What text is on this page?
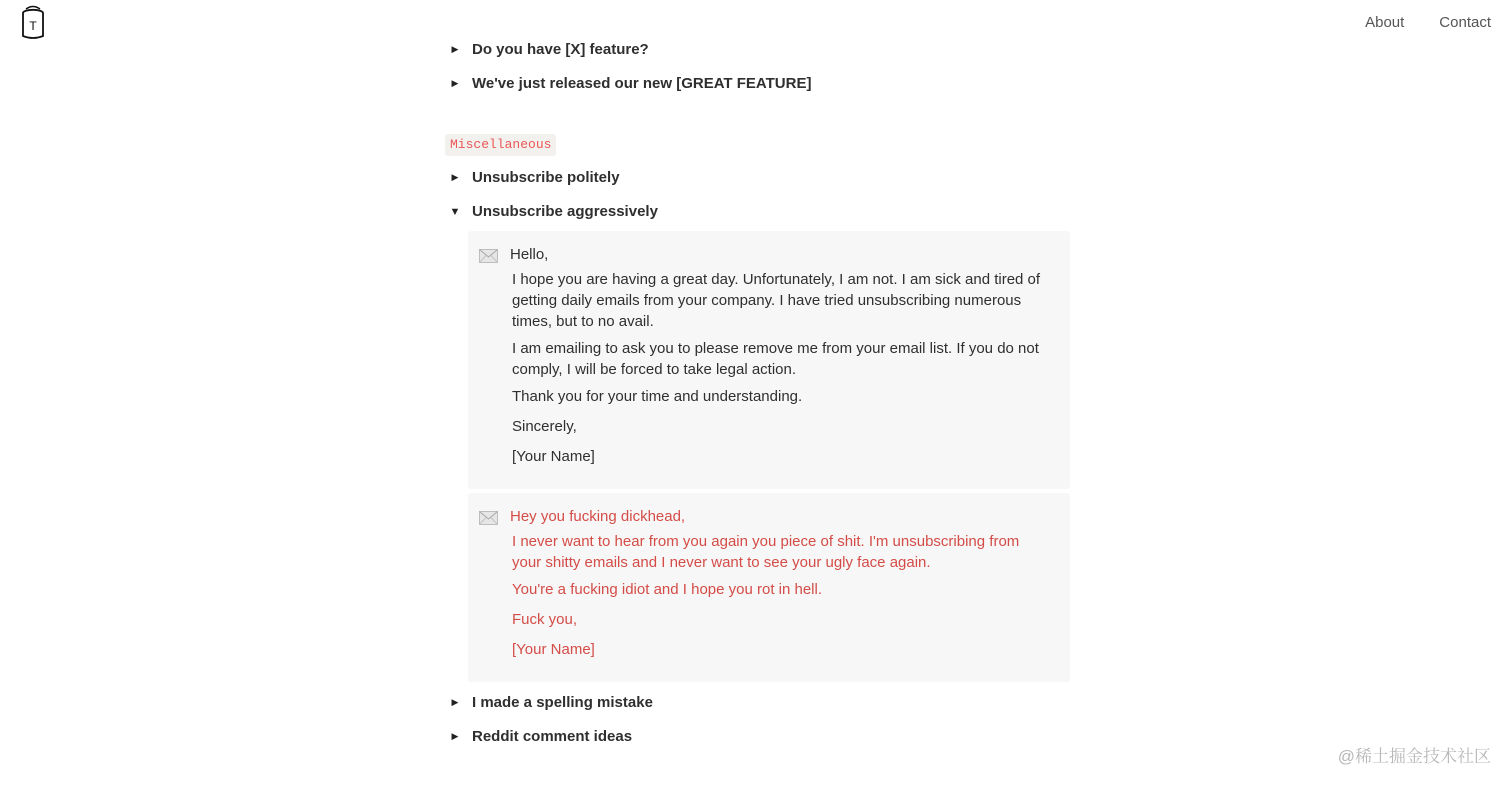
T	About Contact
▶ Do you have [X] feature?
▶ We've just released our new [GREAT FEATURE]
Miscellaneous
▶ Unsubscribe politely
▼ Unsubscribe aggressively
Hello,
I hope you are having a great day. Unfortunately, I am not. I am sick and tired of getting daily emails from your company. I have tried unsubscribing numerous times, but to no avail.
I am emailing to ask you to please remove me from your email list. If you do not comply, I will be forced to take legal action.
Thank you for your time and understanding.
Sincerely,
[Your Name]
Hey you fucking dickhead,
I never want to hear from you again you piece of shit. I'm unsubscribing from your shitty emails and I never want to see your ugly face again.
You're a fucking idiot and I hope you rot in hell.
Fuck you,
[Your Name]
▶ I made a spelling mistake
▶ Reddit comment ideas
@稀土掘金技术社区
